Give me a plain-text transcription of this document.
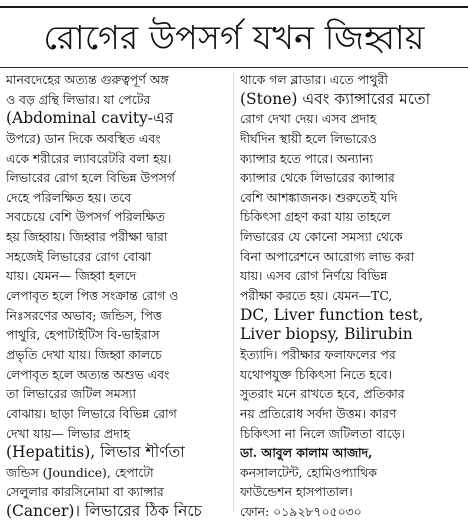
রোগের উপসর্গ যখন জিহ্বায়
মানবদেহের অত্যন্ত গুরুত্বপূর্ণ অঙ্গ
ও বড় গ্রন্থি লিভার। যা পেটের
(Abdominal cavity-এর
উপরে) ডান দিকে অবস্থিত এবং
একে শরীরের ল্যাবরেটরি বলা হয়।
লিভারের রোগ হলে বিভিন্ন উপসর্গ
দেহে পরিলক্ষিত হয়। তবে
সবচেয়ে বেশি উপসর্গ পরিলক্ষিত
হয় জিহ্বায়। জিহ্বার পরীক্ষা দ্বারা
সহজেই লিভারের রোগ বোঝা
যায়। যেমন— জিহ্বা হলদে
লেপাবৃত হলে পিত্ত সংক্রান্ত রোগ ও
নিঃসরণের অভাব; জন্ডিস, পিত্ত
পাথুরি, হেপাটাইটিস বি-ভাইরাস
প্রভৃতি দেখা যায়। জিহ্বা কালচে
লেপাবৃত হলে অত্যন্ত অশুভ এবং
তা লিভারের জটিল সমস্যা
বোঝায়। ছাড়া লিভারে বিভিন্ন রোগ
দেখা যায়— লিভার প্রদাহ
(Hepatitis), লিভার শীর্ণতা
জন্ডিস (Joundice), হেপাটো
সেলুলার কারসিনোমা বা ক্যান্সার
(Cancer)। লিভারের ঠিক নিচে
থাকে গল ব্লাডার। এতে পাথুরী
(Stone) এবং ক্যান্সারের মতো
রোগ দেখা দেয়। এসব প্রদাহ
দীর্ঘদিন স্থায়ী হলে লিভারেও
ক্যান্সার হতে পারে। অন্যান্য
ক্যান্সার থেকে লিভারের ক্যান্সার
বেশি আশঙ্কাজনক। শুরুতেই যদি
চিকিৎসা গ্রহণ করা যায় তাহলে
লিভারের যে কোনো সমস্যা থেকে
বিনা অপারেশনে আরোগ্য লাভ করা
যায়। এসব রোগ নির্ণয়ে বিভিন্ন
পরীক্ষা করতে হয়। যেমন—TC,
DC, Liver function test,
Liver biopsy, Bilirubin
ইত্যাদি। পরীক্ষার ফলাফলের পর
যথোপযুক্ত চিকিৎসা নিতে হবে।
সুতরাং মনে রাখতে হবে, প্রতিকার
নয় প্রতিরোধ সর্বদা উত্তম। কারণ
চিকিৎসা না নিলে জটিলতা বাড়ে।
ডা. আবুল কালাম আজাদ,
কনসালটেন্ট, হোমিওপ্যাথিক
ফাউন্ডেশন হাসপাতাল।
ফোন: ০১৯২৮৭০৫০৩০
